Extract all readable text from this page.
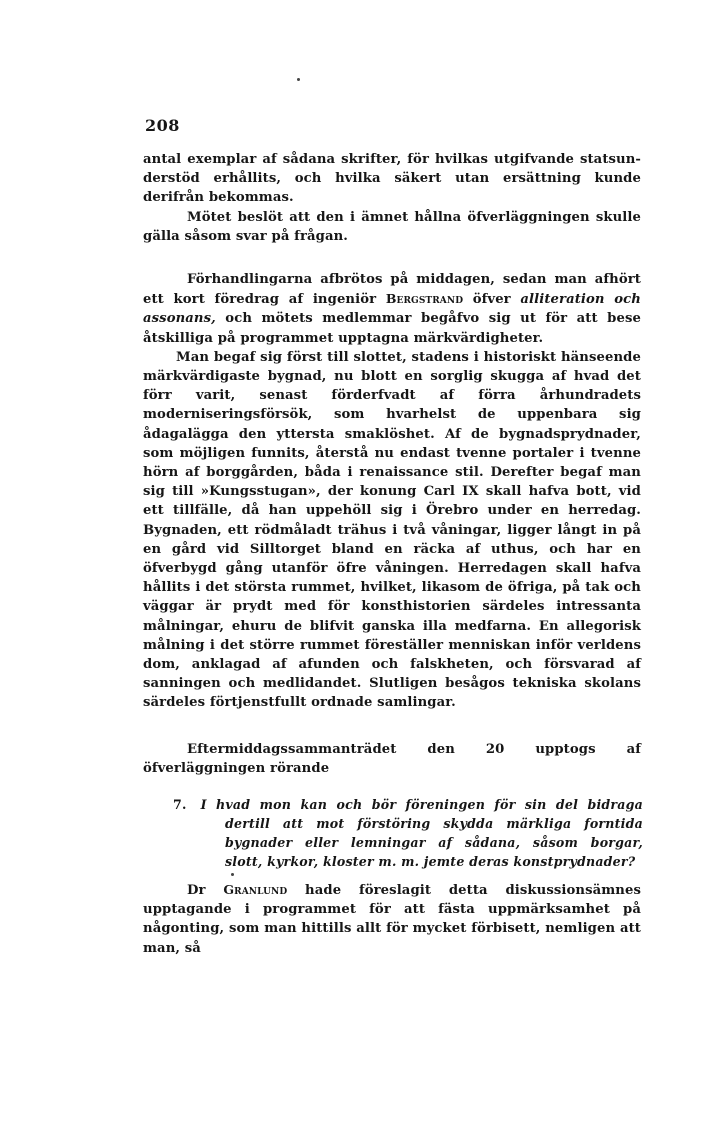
208

antal exemplar af sådana skrifter, för hvilkas utgifvande statsun-derstöd erhållits, och hvilka säkert utan ersättning kunde derifrån bekommas.

Mötet beslöt att den i ämnet hållna öfverläggningen skulle gälla såsom svar på frågan.

Förhandlingarna afbrötos på middagen, sedan man afhört ett kort föredrag af ingeniör Bergstrand öfver alliteration och assonans, och mötets medlemmar begåfvo sig ut för att bese åtskilliga på programmet upptagna märkvärdigheter.

Man begaf sig först till slottet, stadens i historiskt hänseende märkvärdigaste bygnad, nu blott en sorglig skugga af hvad det förr varit, senast förderfvadt af förra århundradets moderniseringsförsök, som hvarhelst de uppenbara sig ådagalägga den yttersta smaklöshet. Af de bygnadsprydnader, som möjligen funnits, återstå nu endast tvenne portaler i tvenne hörn af borggården, båda i renaissance stil. Derefter begaf man sig till »Kungsstugan», der konung Carl IX skall hafva bott, vid ett tillfälle, då han uppehöll sig i Örebro under en herredag. Bygnaden, ett rödmåladt trähus i två våningar, ligger långt in på en gård vid Silltorget bland en räcka af uthus, och har en öfverbygd gång utanför öfre våningen. Herredagen skall hafva hållits i det största rummet, hvilket, likasom de öfriga, på tak och väggar är prydt med för konsthistorien särdeles intressanta målningar, ehuru de blifvit ganska illa medfarna. En allegorisk målning i det större rummet föreställer menniskan inför verldens dom, anklagad af afunden och falskheten, och försvarad af sanningen och medlidandet. Slutligen besågos tekniska skolans särdeles förtjenstfullt ordnade samlingar.

Eftermiddagssammanträdet den 20 upptogs af öfverläggningen rörande

7. I hvad mon kan och bör föreningen för sin del bidraga
dertill att mot förstöring skydda märkliga forntida
bygnader eller lemningar af sådana, såsom borgar,
slott, kyrkor, kloster m. m. jemte deras konstprydnader?

Dr Granlund hade föreslagit detta diskussionsämnes upptagande i programmet för att fästa uppmärksamhet på någonting, som man hittills allt för mycket förbisett, nemligen att man, så
